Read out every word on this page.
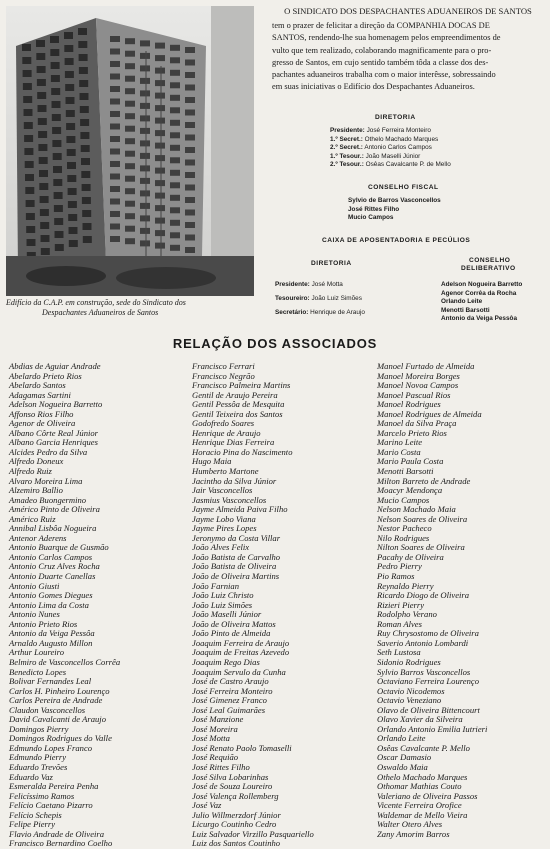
Edifício da C.A.P. em construção, sede do Sindicato dos
Despachantes Aduaneiros de Santos
O SINDICATO DOS DESPACHANTES ADUANEIROS DE SANTOS
tem o prazer de felicitar a direção da COMPANHIA DOCAS DE
SANTOS, rendendo-lhe sua homenagem pelos empreendimentos de
vulto que tem realizado, colaborando magnificamente para o pro-
gresso de Santos, em cujo sentido também tôda a classe dos des-
pachantes aduaneiros trabalha com o maior interêsse, sobressaindo
em suas iniciativas o Edifício dos Despachantes Aduaneiros.
DIRETORIA
Presidente: José Ferreira Monteiro
1.º Secret.: Othelo Machado Marques
2.º Secret.: Antonio Carlos Campos
1.º Tesour.: João Maselli Júnior
2.º Tesour.: Osêas Cavalcante P. de Mello
CONSELHO FISCAL
Sylvio de Barros Vasconcellos
José Rittes Filho
Mucio Campos
CAIXA DE APOSENTADORIA E PECÚLIOS
DIRETORIA	CONSELHO
DELIBERATIVO
Presidente: José Motta
Tesoureiro: João Luiz Simões
Secretário: Henrique de Araujo
Adelson Nogueira Barretto
Agenor Corrêa da Rocha
Orlando Leite
Menotti Barsotti
Antonio da Veiga Pessôa
RELAÇÃO DOS ASSOCIADOS
Abdias de Aguiar Andrade
Abelardo Prieto Rios
Abelardo Santos
Adagamas Sartini
Adelson Nogueira Barretto
Affonso Rios Filho
Agenor de Oliveira
Albano Côrte Real Júnior
Albano Garcia Henriques
Alcides Pedro da Silva
Alfredo Doneux
Alfredo Ruiz
Alvaro Moreira Lima
Alzemiro Ballio
Amadeo Buongermino
Américo Pinto de Oliveira
Américo Ruiz
Annibal Lisbôa Nogueira
Antenor Aderens
Antonio Buarque de Gusmão
Antonio Carlos Campos
Antonio Cruz Alves Rocha
Antonio Duarte Canellas
Antonio Giusti
Antonio Gomes Diegues
Antonio Lima da Costa
Antonio Nunes
Antonio Prieto Rios
Antonio da Veiga Pessôa
Arnaldo Augusto Millon
Arthur Loureiro
Belmiro de Vasconcellos Corrêa
Benedicto Lopes
Bolivar Fernandes Leal
Carlos H. Pinheiro Lourenço
Carlos Pereira de Andrade
Claudon Vasconcellos
David Cavalcanti de Araujo
Domingos Pierry
Domingos Rodrigues do Valle
Edmundo Lopes Franco
Edmundo Pierry
Eduardo Trevões
Eduardo Vaz
Esmeralda Pereira Penha
Felicíssimo Ramos
Felício Caetano Pizarro
Felício Schepis
Felipe Pierry
Flavio Andrade de Oliveira
Francisco Bernardino Coelho
Francisco Ferrari
Francisco Negrão
Francisco Palmeira Martins
Gentil de Araujo Pereira
Gentil Pessôa de Mesquita
Gentil Teixeira dos Santos
Godofredo Soares
Henrique de Araujo
Henrique Dias Ferreira
Horacio Pina do Nascimento
Hugo Maia
Humberto Martone
Jacintho da Silva Júnior
Jair Vasconcellos
Jasmius Vasconcellos
Jayme Almeida Paiva Filho
Jayme Lobo Viana
Jayme Pires Lopes
Jeronymo da Costa Villar
João Alves Felix
João Batista de Carvalho
João Batista de Oliveira
João de Oliveira Martins
João Farnian
João Luiz Christo
João Luiz Simões
João Maselli Júnior
João de Oliveira Mattos
João Pinto de Almeida
Joaquim Ferreira de Araujo
Joaquim de Freitas Azevedo
Joaquim Rego Dias
Joaquim Servulo da Cunha
José de Castro Araujo
José Ferreira Monteiro
José Gimenez Franco
José Leal Guimarães
José Manzione
José Moreira
José Motta
José Renato Paolo Tomaselli
José Requião
José Rittes Filho
José Silva Lobarinhas
José de Souza Loureiro
José Valença Rollemberg
José Vaz
Julio Willmerzdorf Júnior
Licurgo Coutinho Cedro
Luiz Salvador Virzillo Pasquariello
Luiz dos Santos Coutinho
Manoel Furtado de Almeida
Manoel Moreira Borges
Manoel Novoa Campos
Manoel Pascual Rios
Manoel Rodrigues
Manoel Rodrigues de Almeida
Manoel da Silva Praça
Marcelo Prieto Rios
Marino Leite
Mario Costa
Mario Paula Costa
Menotti Barsotti
Milton Barreto de Andrade
Moacyr Mendonça
Mucio Campos
Nelson Machado Maia
Nelson Soares de Oliveira
Nestor Pacheco
Nilo Rodrigues
Nilton Soares de Oliveira
Pacahy de Oliveira
Pedro Pierry
Pio Ramos
Reynaldo Pierry
Ricardo Diogo de Oliveira
Rizieri Pierry
Rodolpho Verano
Roman Alves
Ruy Chrysostomo de Oliveira
Saverio Antonio Lombardi
Seth Lustosa
Sidonio Rodrigues
Sylvio Barros Vasconcellos
Octaviano Ferreira Lourenço
Octavio Nicodemos
Octavio Veneziano
Olavo de Oliveira Bittencourt
Olavo Xavier da Silveira
Orlando Antonio Emilia Iutrieri
Orlando Leite
Osêas Cavalcante P. Mello
Oscar Damasio
Oswaldo Maia
Othelo Machado Marques
Othomar Mathias Couto
Valeriano de Oliveira Passos
Vicente Ferreira Orofice
Waldemar de Mello Vieira
Walter Otero Alves
Zany Amorim Barros
